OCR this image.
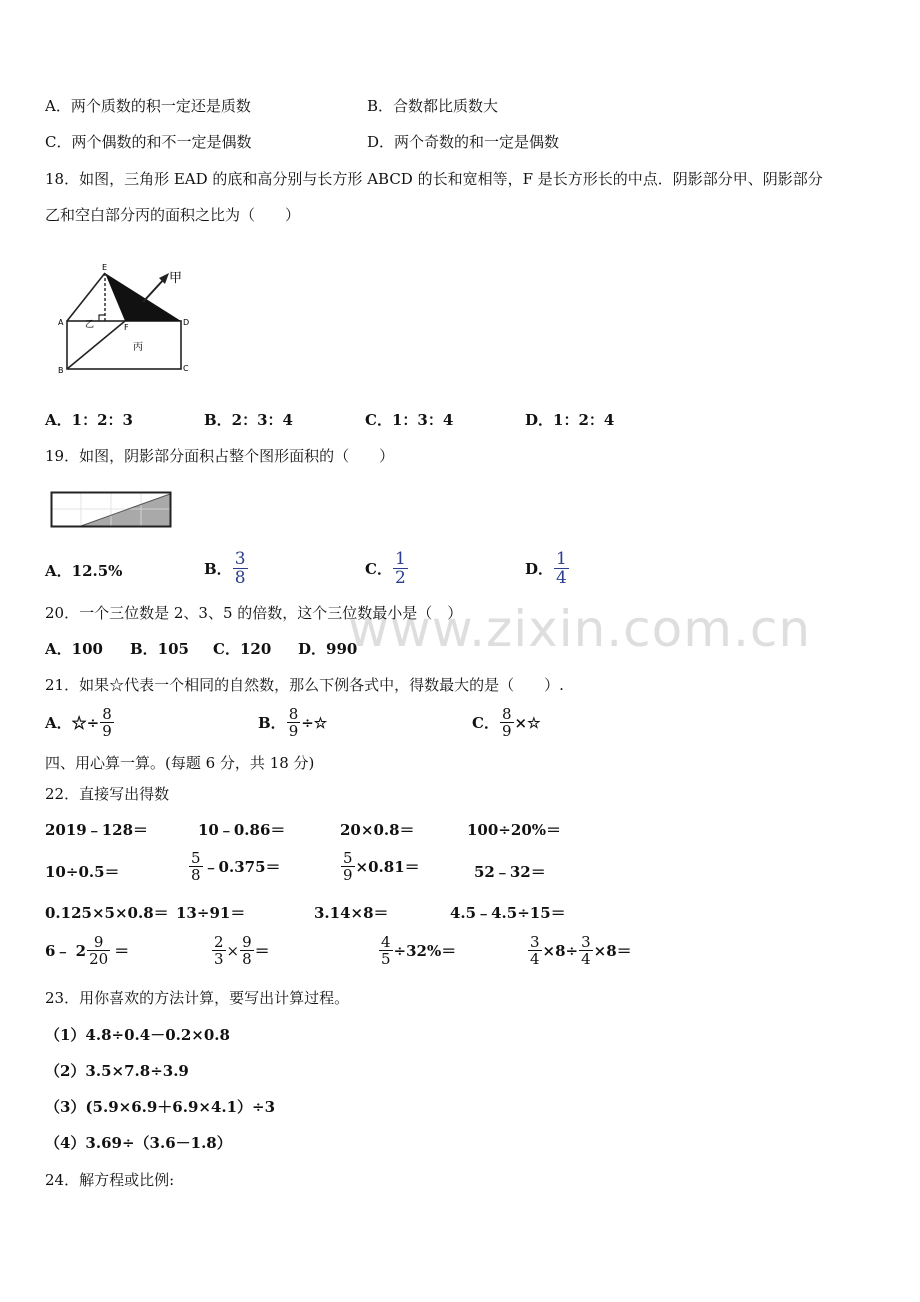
A．两个质数的积一定还是质数	B．合数都比质数大
C．两个偶数的和不一定是偶数	D．两个奇数的和一定是偶数
18．如图，三角形 EAD 的底和高分别与长方形 ABCD 的长和宽相等，F 是长方形长的中点．阴影部分甲、阴影部分
乙和空白部分丙的面积之比为（　　）
E
A
F
D
B	C
甲
乙
丙
A．1：2：3	B．2：3：4	C．1：3：4	D．1：2：4
19．如图，阴影部分面积占整个图形面积的（　　）
A．12.5%	B． $\frac{3}{8}$	C． $\frac{1}{2}$	D． $\frac{1}{4}$
20．一个三位数是 2、3、5 的倍数，这个三位数最小是（　）
www.zixin.com.cn
A．100 B．105 C．120 D．990
21．如果☆代表一个相同的自然数，那么下例各式中，得数最大的是（　　）.
A．☆÷ $\frac{8}{9}$	B． $\frac{8}{9}$ ÷☆	C． $\frac{8}{9}$ ×☆
四、用心算一算。(每题 6 分，共 18 分)
22．直接写出得数
2019﹣128＝	10﹣0.86＝	20×0.8＝	100÷20%＝
10÷0.5＝	$\frac{5}{8}$ ﹣0.375＝	$\frac{5}{9} \times 0.81=$	52﹣32＝
0.125×5×0.8＝ 13÷91＝	3.14×8＝	4.5﹣4.5÷15＝
6﹣ $2 \frac{9}{20}$ ＝	$\frac{2}{3} \times \frac{9}{8}$ ＝	$\frac{4}{5} \div 32\%=$	$\frac{3}{4} \times 8\div \frac{3}{4} \times 8=$
23．用你喜欢的方法计算，要写出计算过程。
（1）4.8÷0.4－0.2×0.8
（2）3.5×7.8÷3.9
（3）(5.9×6.9＋6.9×4.1）÷3
（4）3.69÷（3.6－1.8）
24．解方程或比例:
